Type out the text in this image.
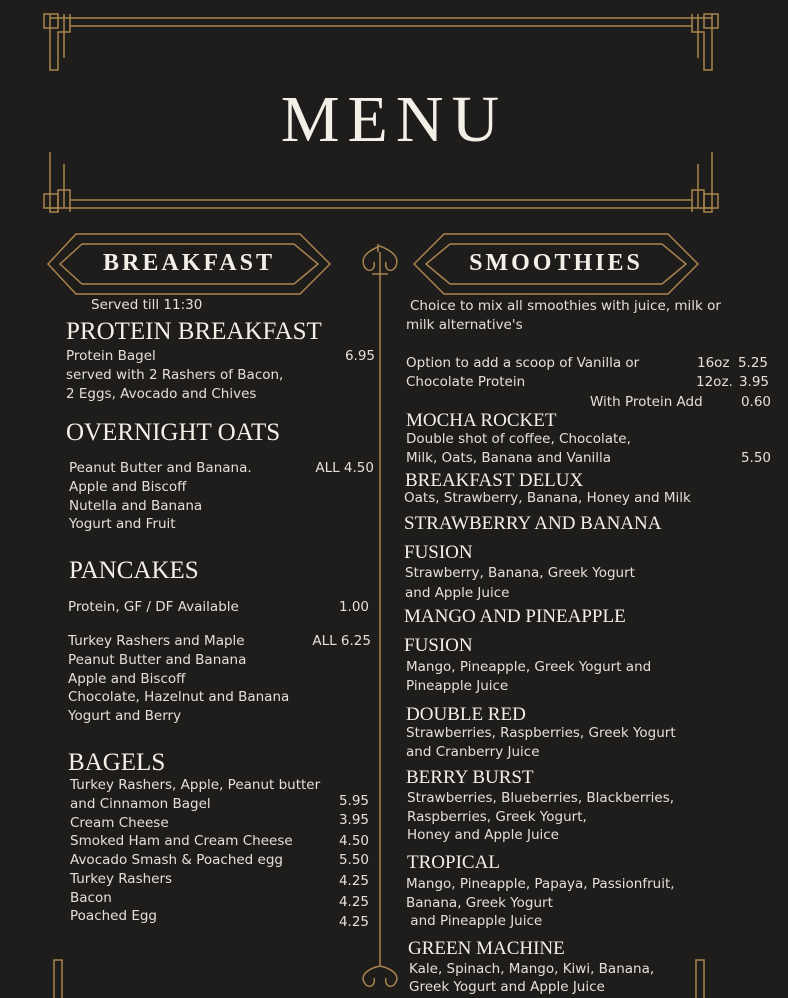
MENU
BREAKFAST
Served till 11:30
PROTEIN BREAKFAST
Protein Bagel	6.95
served with 2 Rashers of Bacon,
2 Eggs, Avocado and Chives
OVERNIGHT OATS
Peanut Butter and Banana.	ALL 4.50
Apple and Biscoff
Nutella and Banana
Yogurt and Fruit
PANCAKES
Protein, GF / DF Available	1.00
Turkey Rashers and Maple	ALL 6.25
Peanut Butter and Banana
Apple and Biscoff
Chocolate, Hazelnut and Banana
Yogurt and Berry
BAGELS
Turkey Rashers, Apple, Peanut butter
and Cinnamon Bagel	5.95
Cream Cheese	3.95
Smoked Ham and Cream Cheese	4.50
Avocado Smash & Poached egg	5.50
Turkey Rashers	4.25
Bacon	4.25
Poached Egg	4.25
SMOOTHIES
Choice to mix all smoothies with juice, milk or
milk alternative's
Option to add a scoop of Vanilla or	16oz 5.25
Chocolate Protein	12oz. 3.95
With Protein Add	0.60
MOCHA ROCKET
Double shot of coffee, Chocolate,
Milk, Oats, Banana and Vanilla	5.50
BREAKFAST DELUX
Oats, Strawberry, Banana, Honey and Milk
STRAWBERRY AND BANANA
FUSION
Strawberry, Banana, Greek Yogurt
and Apple Juice
MANGO AND PINEAPPLE
FUSION
Mango, Pineapple, Greek Yogurt and
Pineapple Juice
DOUBLE RED
Strawberries, Raspberries, Greek Yogurt
and Cranberry Juice
BERRY BURST
Strawberries, Blueberries, Blackberries,
Raspberries, Greek Yogurt,
Honey and Apple Juice
TROPICAL
Mango, Pineapple, Papaya, Passionfruit,
Banana, Greek Yogurt
and Pineapple Juice
GREEN MACHINE
Kale, Spinach, Mango, Kiwi, Banana,
Greek Yogurt and Apple Juice
